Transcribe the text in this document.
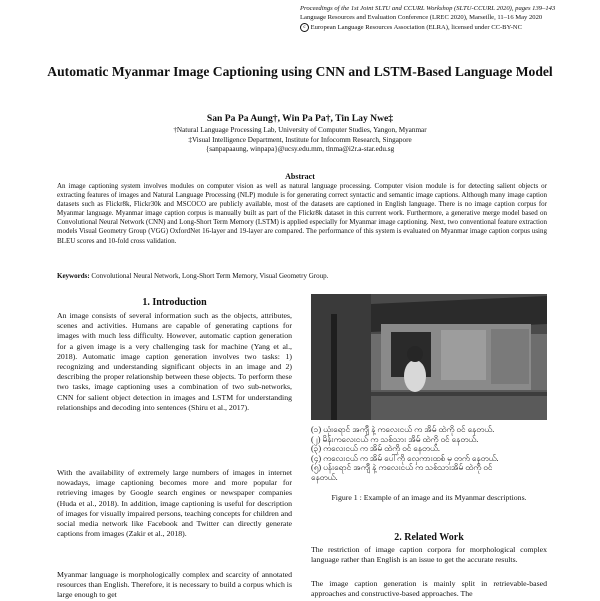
Proceedings of the 1st Joint SLTU and CCURL Workshop (SLTU-CCURL 2020), pages 139–143
Language Resources and Evaluation Conference (LREC 2020), Marseille, 11–16 May 2020
c European Language Resources Association (ELRA), licensed under CC-BY-NC
Automatic Myanmar Image Captioning using CNN and LSTM-Based Language Model
San Pa Pa Aung†, Win Pa Pa†, Tin Lay Nwe‡
†Natural Language Processing Lab, University of Computer Studies, Yangon, Myanmar
‡Visual Intelligence Department, Institute for Infocomm Research, Singapore
{sanpapaaung, winpapa}@ucsy.edu.mm, tlnma@i2r.a-star.edu.sg
Abstract
An image captioning system involves modules on computer vision as well as natural language processing. Computer vision module is for detecting salient objects or extracting features of images and Natural Language Processing (NLP) module is for generating correct syntactic and semantic image captions. Although many image caption datasets such as Flickr8k, Flickr30k and MSCOCO are publicly available, most of the datasets are captioned in English language. There is no image caption corpus for Myanmar language. Myanmar image caption corpus is manually built as part of the Flickr8k dataset in this current work. Furthermore, a generative merge model based on Convolutional Neural Network (CNN) and Long-Short Term Memory (LSTM) is applied especially for Myanmar image captioning. Next, two conventional feature extraction models Visual Geometry Group (VGG) OxfordNet 16-layer and 19-layer are compared. The performance of this system is evaluated on Myanmar image caption corpus using BLEU scores and 10-fold cross validation.
Keywords: Convolutional Neural Network, Long-Short Term Memory, Visual Geometry Group.
1. Introduction
An image consists of several information such as the objects, attributes, scenes and activities. Humans are capable of generating captions for images with much less difficulty. However, automatic caption generation for a given image is a very challenging task for machine (Yang et al., 2018). Automatic image caption generation involves two tasks: 1) recognizing and understanding significant objects in an image and 2) describing the proper relationship between these objects. To perform these two tasks, image captioning uses a combination of two sub-networks, CNN for salient object detection in images and LSTM for understanding relationships and decoding into sentences (Shiru et al., 2017).
With the availability of extremely large numbers of images in internet nowadays, image captioning becomes more and more popular for retrieving images by Google search engines or newspaper companies (Huda et al., 2018). In addition, image captioning is useful for description of images for visually impaired persons, teaching concepts for children and social media network like Facebook and Twitter can directly generate captions from images (Zakir et al., 2018).
Myanmar language is morphologically complex and scarcity of annotated resources than English. Therefore, it is necessary to build a corpus which is large enough to get
(၁) ယုံးရောင် အကျီ နဲ့ ကလေးငယ် က အိမ် ထဲကို ဝင် နေတယ်.
(၂) မိန်းကလေးငယ် က သစ်သား အိမ် ထဲကို ဝင် နေတယ်.
(၃) ကလေးငယ် က အိမ် ထဲကို ဝင် နေတယ်.
(၄) ကလေးငယ် က အိမ် ပေါ်ကို လှေကားထစ် မှ တက် နေတယ်.
(၅) ပန်းရောင် အကျီ နဲ့ ကလေးငယ် က သစ်သားအိမ် ထဲကို ဝင်
နေတယ်.
Figure 1 : Example of an image and its Myanmar descriptions.
2. Related Work
The restriction of image caption corpora for morphological complex language rather than English is an issue to get the accurate results.
The image caption generation is mainly split in retrievable-based approaches and constructive-based approaches. The
